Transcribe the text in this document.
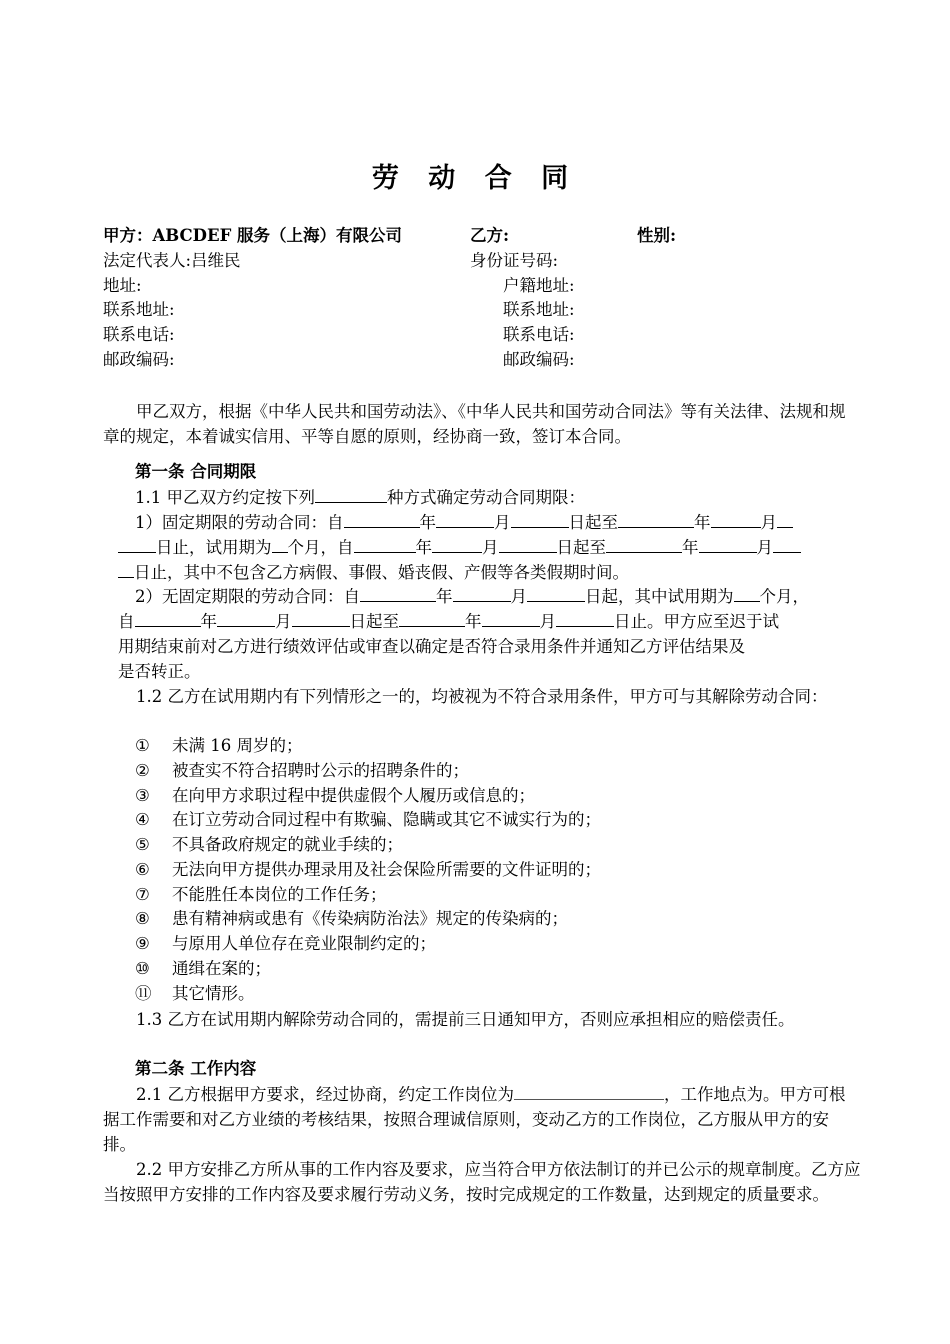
劳 动 合 同
甲方：ABCDEF 服务（上海）有限公司	乙方:	性别:
法定代表人:吕维民	身份证号码:
地址:	户籍地址:
联系地址:	联系地址:
联系电话:	联系电话:
邮政编码:	邮政编码:
甲乙双方，根据《中华人民共和国劳动法》、《中华人民共和国劳动合同法》等有关法律、法规和规章的规定，本着诚实信用、平等自愿的原则，经协商一致，签订本合同。
第一条 合同期限
1.1 甲乙双方约定按下列	种方式确定劳动合同期限：
1）固定期限的劳动合同：自	年	月	日起至	年	月
日止，试用期为 个月，自	年	月	日起至	年	月
日止，其中不包含乙方病假、事假、婚丧假、产假等各类假期时间。
2）无固定期限的劳动合同：自	年	月	日起，其中试用期为 个月，
自	年	月	日起至	年	月	日止。甲方应至迟于试
用期结束前对乙方进行绩效评估或审查以确定是否符合录用条件并通知乙方评估结果及
是否转正。
1.2 乙方在试用期内有下列情形之一的，均被视为不符合录用条件，甲方可与其解除劳动合同：
① 未满 16 周岁的；
② 被查实不符合招聘时公示的招聘条件的；
③ 在向甲方求职过程中提供虚假个人履历或信息的；
④ 在订立劳动合同过程中有欺骗、隐瞒或其它不诚实行为的；
⑤ 不具备政府规定的就业手续的；
⑥ 无法向甲方提供办理录用及社会保险所需要的文件证明的；
⑦ 不能胜任本岗位的工作任务；
⑧ 患有精神病或患有《传染病防治法》规定的传染病的；
⑨ 与原用人单位存在竞业限制约定的；
⑩ 通缉在案的；
⑪ 其它情形。
1.3 乙方在试用期内解除劳动合同的，需提前三日通知甲方，否则应承担相应的赔偿责任。
第二条 工作内容
2.1 乙方根据甲方要求，经过协商，约定工作岗位为	，工作地点为。甲方可根据工作需要和对乙方业绩的考核结果，按照合理诚信原则，变动乙方的工作岗位，乙方服从甲方的安排。
2.2 甲方安排乙方所从事的工作内容及要求，应当符合甲方依法制订的并已公示的规章制度。乙方应当按照甲方安排的工作内容及要求履行劳动义务，按时完成规定的工作数量，达到规定的质量要求。
